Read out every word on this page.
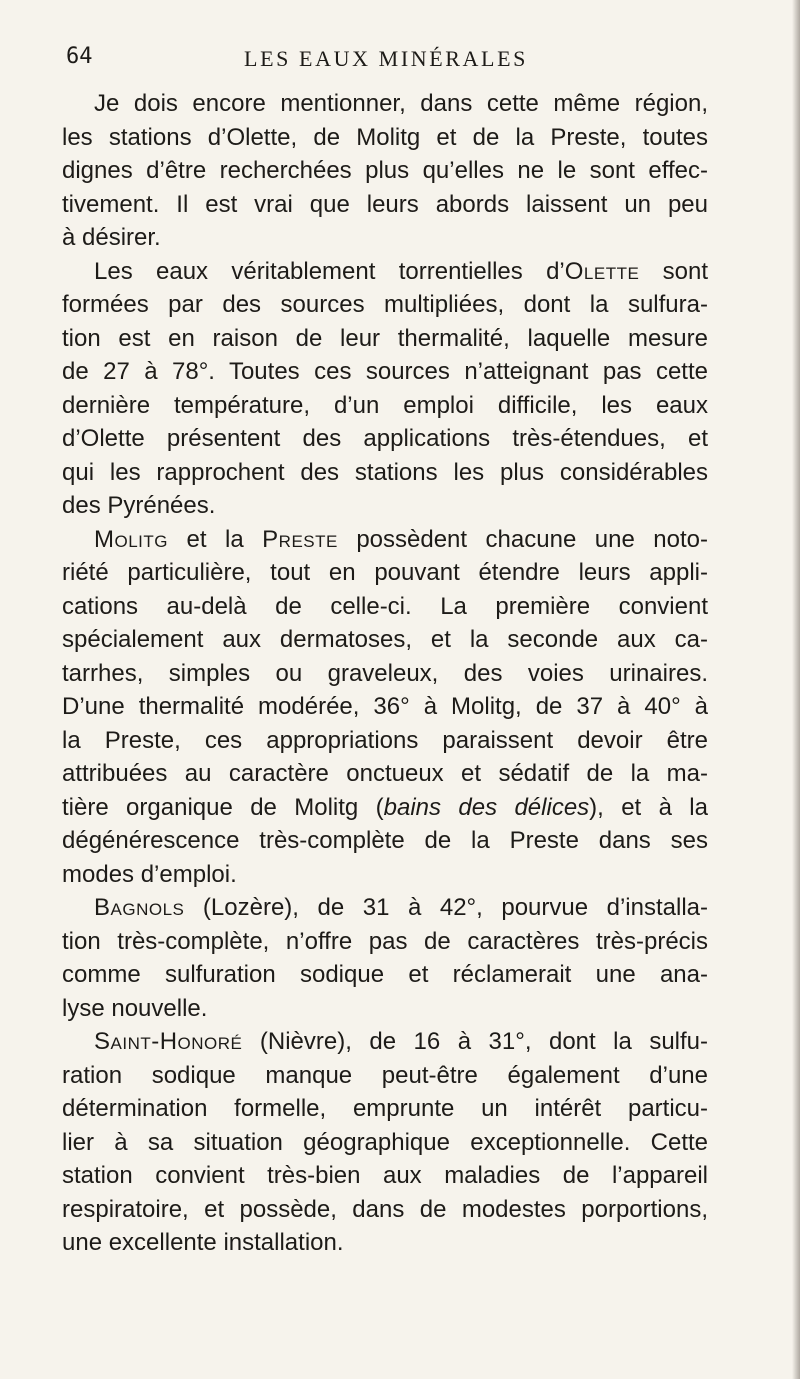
64	LES EAUX MINÉRALES
Je dois encore mentionner, dans cette même région,
les stations d’Olette, de Molitg et de la Preste, toutes
dignes d’être recherchées plus qu’elles ne le sont effec-
tivement. Il est vrai que leurs abords laissent un peu
à désirer.
Les eaux véritablement torrentielles d’Olette sont
formées par des sources multipliées, dont la sulfura-
tion est en raison de leur thermalité, laquelle mesure
de 27 à 78°. Toutes ces sources n’atteignant pas cette
dernière température, d’un emploi difficile, les eaux
d’Olette présentent des applications très-étendues, et
qui les rapprochent des stations les plus considérables
des Pyrénées.
Molitg et la Preste possèdent chacune une noto-
riété particulière, tout en pouvant étendre leurs appli-
cations au-delà de celle-ci. La première convient
spécialement aux dermatoses, et la seconde aux ca-
tarrhes, simples ou graveleux, des voies urinaires.
D’une thermalité modérée, 36° à Molitg, de 37 à 40° à
la Preste, ces appropriations paraissent devoir être
attribuées au caractère onctueux et sédatif de la ma-
tière organique de Molitg (bains des délices), et à la
dégénérescence très-complète de la Preste dans ses
modes d’emploi.
Bagnols (Lozère), de 31 à 42°, pourvue d’installa-
tion très-complète, n’offre pas de caractères très-précis
comme sulfuration sodique et réclamerait une ana-
lyse nouvelle.
Saint-Honoré (Nièvre), de 16 à 31°, dont la sulfu-
ration sodique manque peut-être également d’une
détermination formelle, emprunte un intérêt particu-
lier à sa situation géographique exceptionnelle. Cette
station convient très-bien aux maladies de l’appareil
respiratoire, et possède, dans de modestes porportions,
une excellente installation.
